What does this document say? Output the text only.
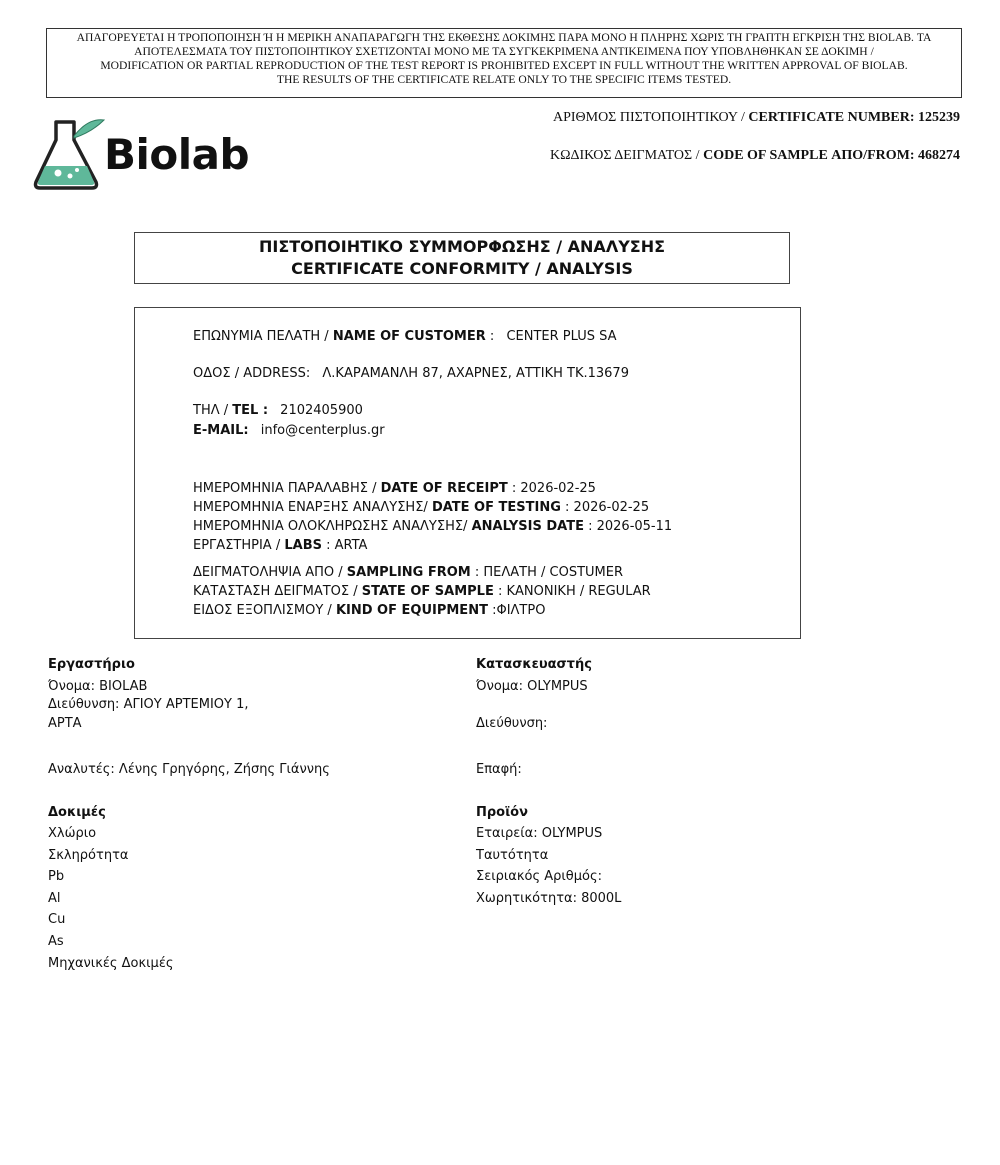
ΑΠΑΓΟΡΕΥΕΤΑΙ Η ΤΡΟΠΟΠΟΙΗΣΗ Ή Η ΜΕΡΙΚΗ ΑΝΑΠΑΡΑΓΩΓΗ ΤΗΣ ΕΚΘΕΣΗΣ ΔΟΚΙΜΗΣ ΠΑΡΑ ΜΟΝΟ Η ΠΛΗΡΗΣ ΧΩΡΙΣ ΤΗ ΓΡΑΠΤΗ ΕΓΚΡΙΣΗ ΤΗΣ BIOLAB. ΤΑ
ΑΠΟΤΕΛΕΣΜΑΤΑ ΤΟΥ ΠΙΣΤΟΠΟΙΗΤΙΚΟΥ ΣΧΕΤΙΖΟΝΤΑΙ ΜΟΝΟ ΜΕ ΤΑ ΣΥΓΚΕΚΡΙΜΕΝΑ ΑΝΤΙΚΕΙΜΕΝΑ ΠΟΥ ΥΠΟΒΛΗΘΗΚΑΝ ΣΕ ΔΟΚΙΜΗ /
MODIFICATION OR PARTIAL REPRODUCTION OF THE TEST REPORT IS PROHIBITED EXCEPT IN FULL WITHOUT THE WRITTEN APPROVAL OF BIOLAB.
THE RESULTS OF THE CERTIFICATE RELATE ONLY TO THE SPECIFIC ITEMS TESTED.
Biolab
ΑΡΙΘΜΟΣ ΠΙΣΤΟΠΟΙΗΤΙΚΟΥ / CERTIFICATE NUMBER: 125239
ΚΩΔΙΚΟΣ ΔΕΙΓΜΑΤΟΣ / CODE OF SAMPLE ΑΠΟ/FROM: 468274
ΠΙΣΤΟΠΟΙΗΤΙΚΟ ΣΥΜΜΟΡΦΩΣΗΣ / ΑΝΑΛΥΣΗΣ
CERTIFICATE CONFORMITY / ANALYSIS
ΕΠΩΝΥΜΙΑ ΠΕΛΑΤΗ / NAME OF CUSTOMER : CENTER PLUS SA
ΟΔΟΣ / ADDRESS: Λ.ΚΑΡΑΜΑΝΛΗ 87, ΑΧΑΡΝΕΣ, ΑΤΤΙΚΗ ΤΚ.13679
ΤΗΛ / TEL : 2102405900
E-MAIL: info@centerplus.gr
ΗΜΕΡΟΜΗΝΙΑ ΠΑΡΑΛΑΒΗΣ / DATE OF RECEIPT : 2026-02-25
ΗΜΕΡΟΜΗΝΙΑ ΕΝΑΡΞΗΣ ΑΝΑΛΥΣΗΣ/ DATE OF TESTING : 2026-02-25
ΗΜΕΡΟΜΗΝΙΑ ΟΛΟΚΛΗΡΩΣΗΣ ΑΝΑΛΥΣΗΣ/ ANALYSIS DATE : 2026-05-11
ΕΡΓΑΣΤΗΡΙΑ / LABS : ARTA
ΔΕΙΓΜΑΤΟΛΗΨΙΑ ΑΠΟ / SAMPLING FROM : ΠΕΛΑΤΗ / COSTUMER
ΚΑΤΑΣΤΑΣΗ ΔΕΙΓΜΑΤΟΣ / STATE OF SAMPLE : ΚΑΝΟΝΙΚΗ / REGULAR
ΕΙΔΟΣ ΕΞΟΠΛΙΣΜΟΥ / KIND OF EQUIPMENT :ΦΙΛΤΡΟ
Εργαστήριο
Όνομα: BIOLAB
Διεύθυνση: ΑΓΙΟΥ ΑΡΤΕΜΙΟΥ 1,
ΑΡΤΑ
Αναλυτές: Λένης Γρηγόρης, Ζήσης Γιάννης
Κατασκευαστής
Όνομα: OLYMPUS
Διεύθυνση:
Επαφή:
Δοκιμές
Χλώριο
Σκληρότητα
Pb
Al
Cu
As
Μηχανικές Δοκιμές
Προϊόν
Εταιρεία: OLYMPUS
Ταυτότητα
Σειριακός Αριθμός:
Χωρητικότητα: 8000L
